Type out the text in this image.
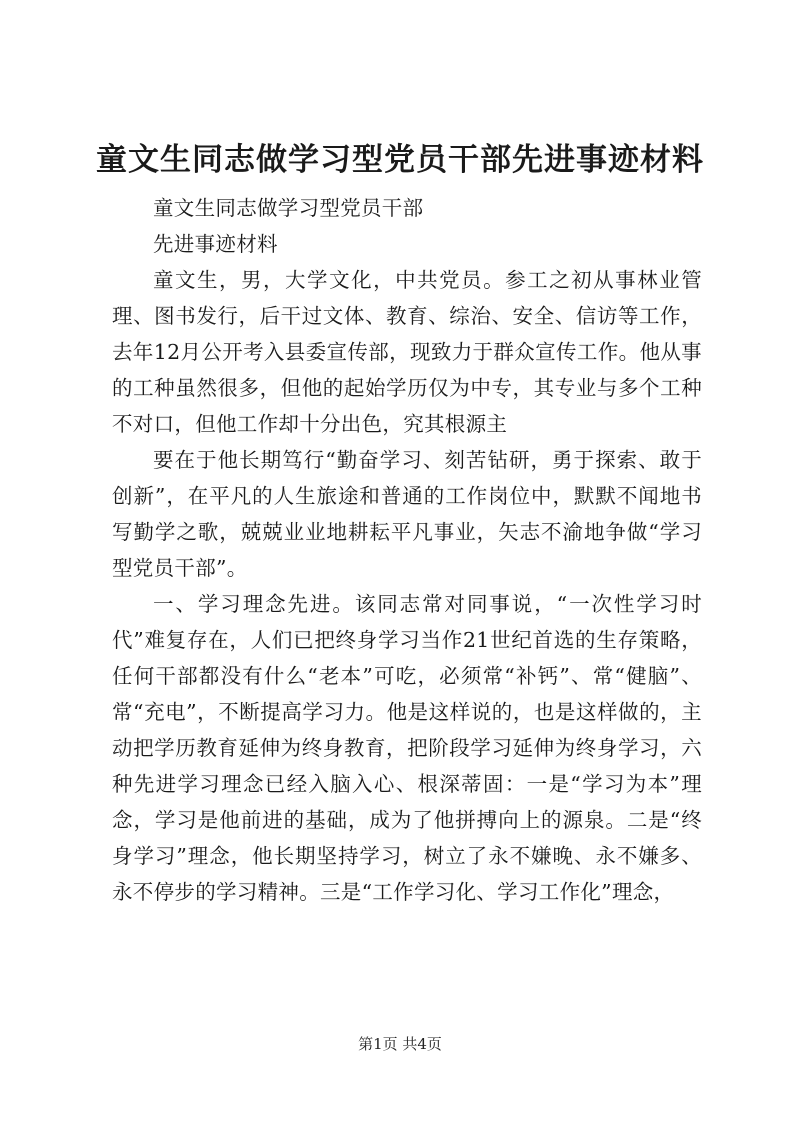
童文生同志做学习型党员干部先进事迹材料

童文生同志做学习型党员干部

先进事迹材料

童文生，男，大学文化，中共党员。参工之初从事林业管理、图书发行，后干过文体、教育、综治、安全、信访等工作，去年12月公开考入县委宣传部，现致力于群众宣传工作。他从事的工种虽然很多，但他的起始学历仅为中专，其专业与多个工种不对口，但他工作却十分出色，究其根源主

要在于他长期笃行“勤奋学习、刻苦钻研，勇于探索、敢于创新”，在平凡的人生旅途和普通的工作岗位中，默默不闻地书写勤学之歌，兢兢业业地耕耘平凡事业，矢志不渝地争做“学习型党员干部”。

一、学习理念先进。该同志常对同事说，“一次性学习时代”难复存在，人们已把终身学习当作21世纪首选的生存策略，任何干部都没有什么“老本”可吃，必须常“补钙”、常“健脑”、常“充电”，不断提高学习力。他是这样说的，也是这样做的，主动把学历教育延伸为终身教育，把阶段学习延伸为终身学习，六种先进学习理念已经入脑入心、根深蒂固：一是“学习为本”理念，学习是他前进的基础，成为了他拼搏向上的源泉。二是“终身学习”理念，他长期坚持学习，树立了永不嫌晚、永不嫌多、永不停步的学习精神。三是“工作学习化、学习工作化”理念，

第1页 共4页
